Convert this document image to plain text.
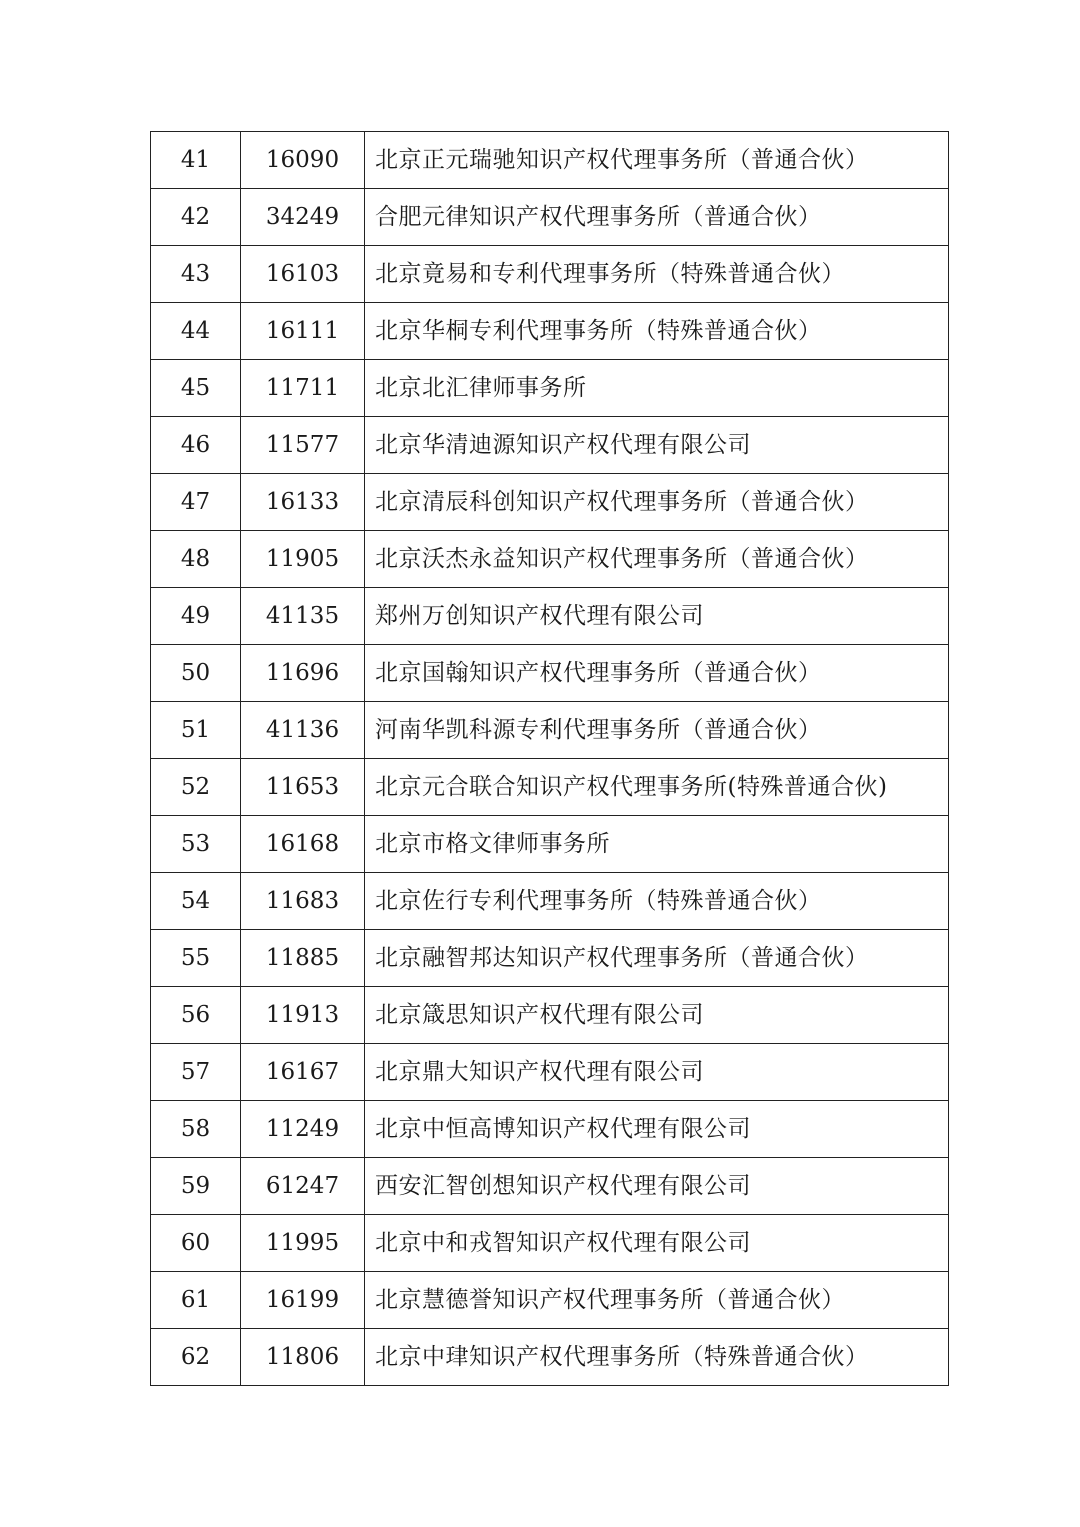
41	16090	北京正元瑞驰知识产权代理事务所（普通合伙）
42	34249	合肥元律知识产权代理事务所（普通合伙）
43	16103	北京竟易和专利代理事务所（特殊普通合伙）
44	16111	北京华桐专利代理事务所（特殊普通合伙）
45	11711	北京北汇律师事务所
46	11577	北京华清迪源知识产权代理有限公司
47	16133	北京清辰科创知识产权代理事务所（普通合伙）
48	11905	北京沃杰永益知识产权代理事务所（普通合伙）
49	41135	郑州万创知识产权代理有限公司
50	11696	北京国翰知识产权代理事务所（普通合伙）
51	41136	河南华凯科源专利代理事务所（普通合伙）
52	11653	北京元合联合知识产权代理事务所(特殊普通合伙)
53	16168	北京市格文律师事务所
54	11683	北京佐行专利代理事务所（特殊普通合伙）
55	11885	北京融智邦达知识产权代理事务所（普通合伙）
56	11913	北京箴思知识产权代理有限公司
57	16167	北京鼎大知识产权代理有限公司
58	11249	北京中恒高博知识产权代理有限公司
59	61247	西安汇智创想知识产权代理有限公司
60	11995	北京中和戎智知识产权代理有限公司
61	16199	北京慧德誉知识产权代理事务所（普通合伙）
62	11806	北京中珒知识产权代理事务所（特殊普通合伙）
